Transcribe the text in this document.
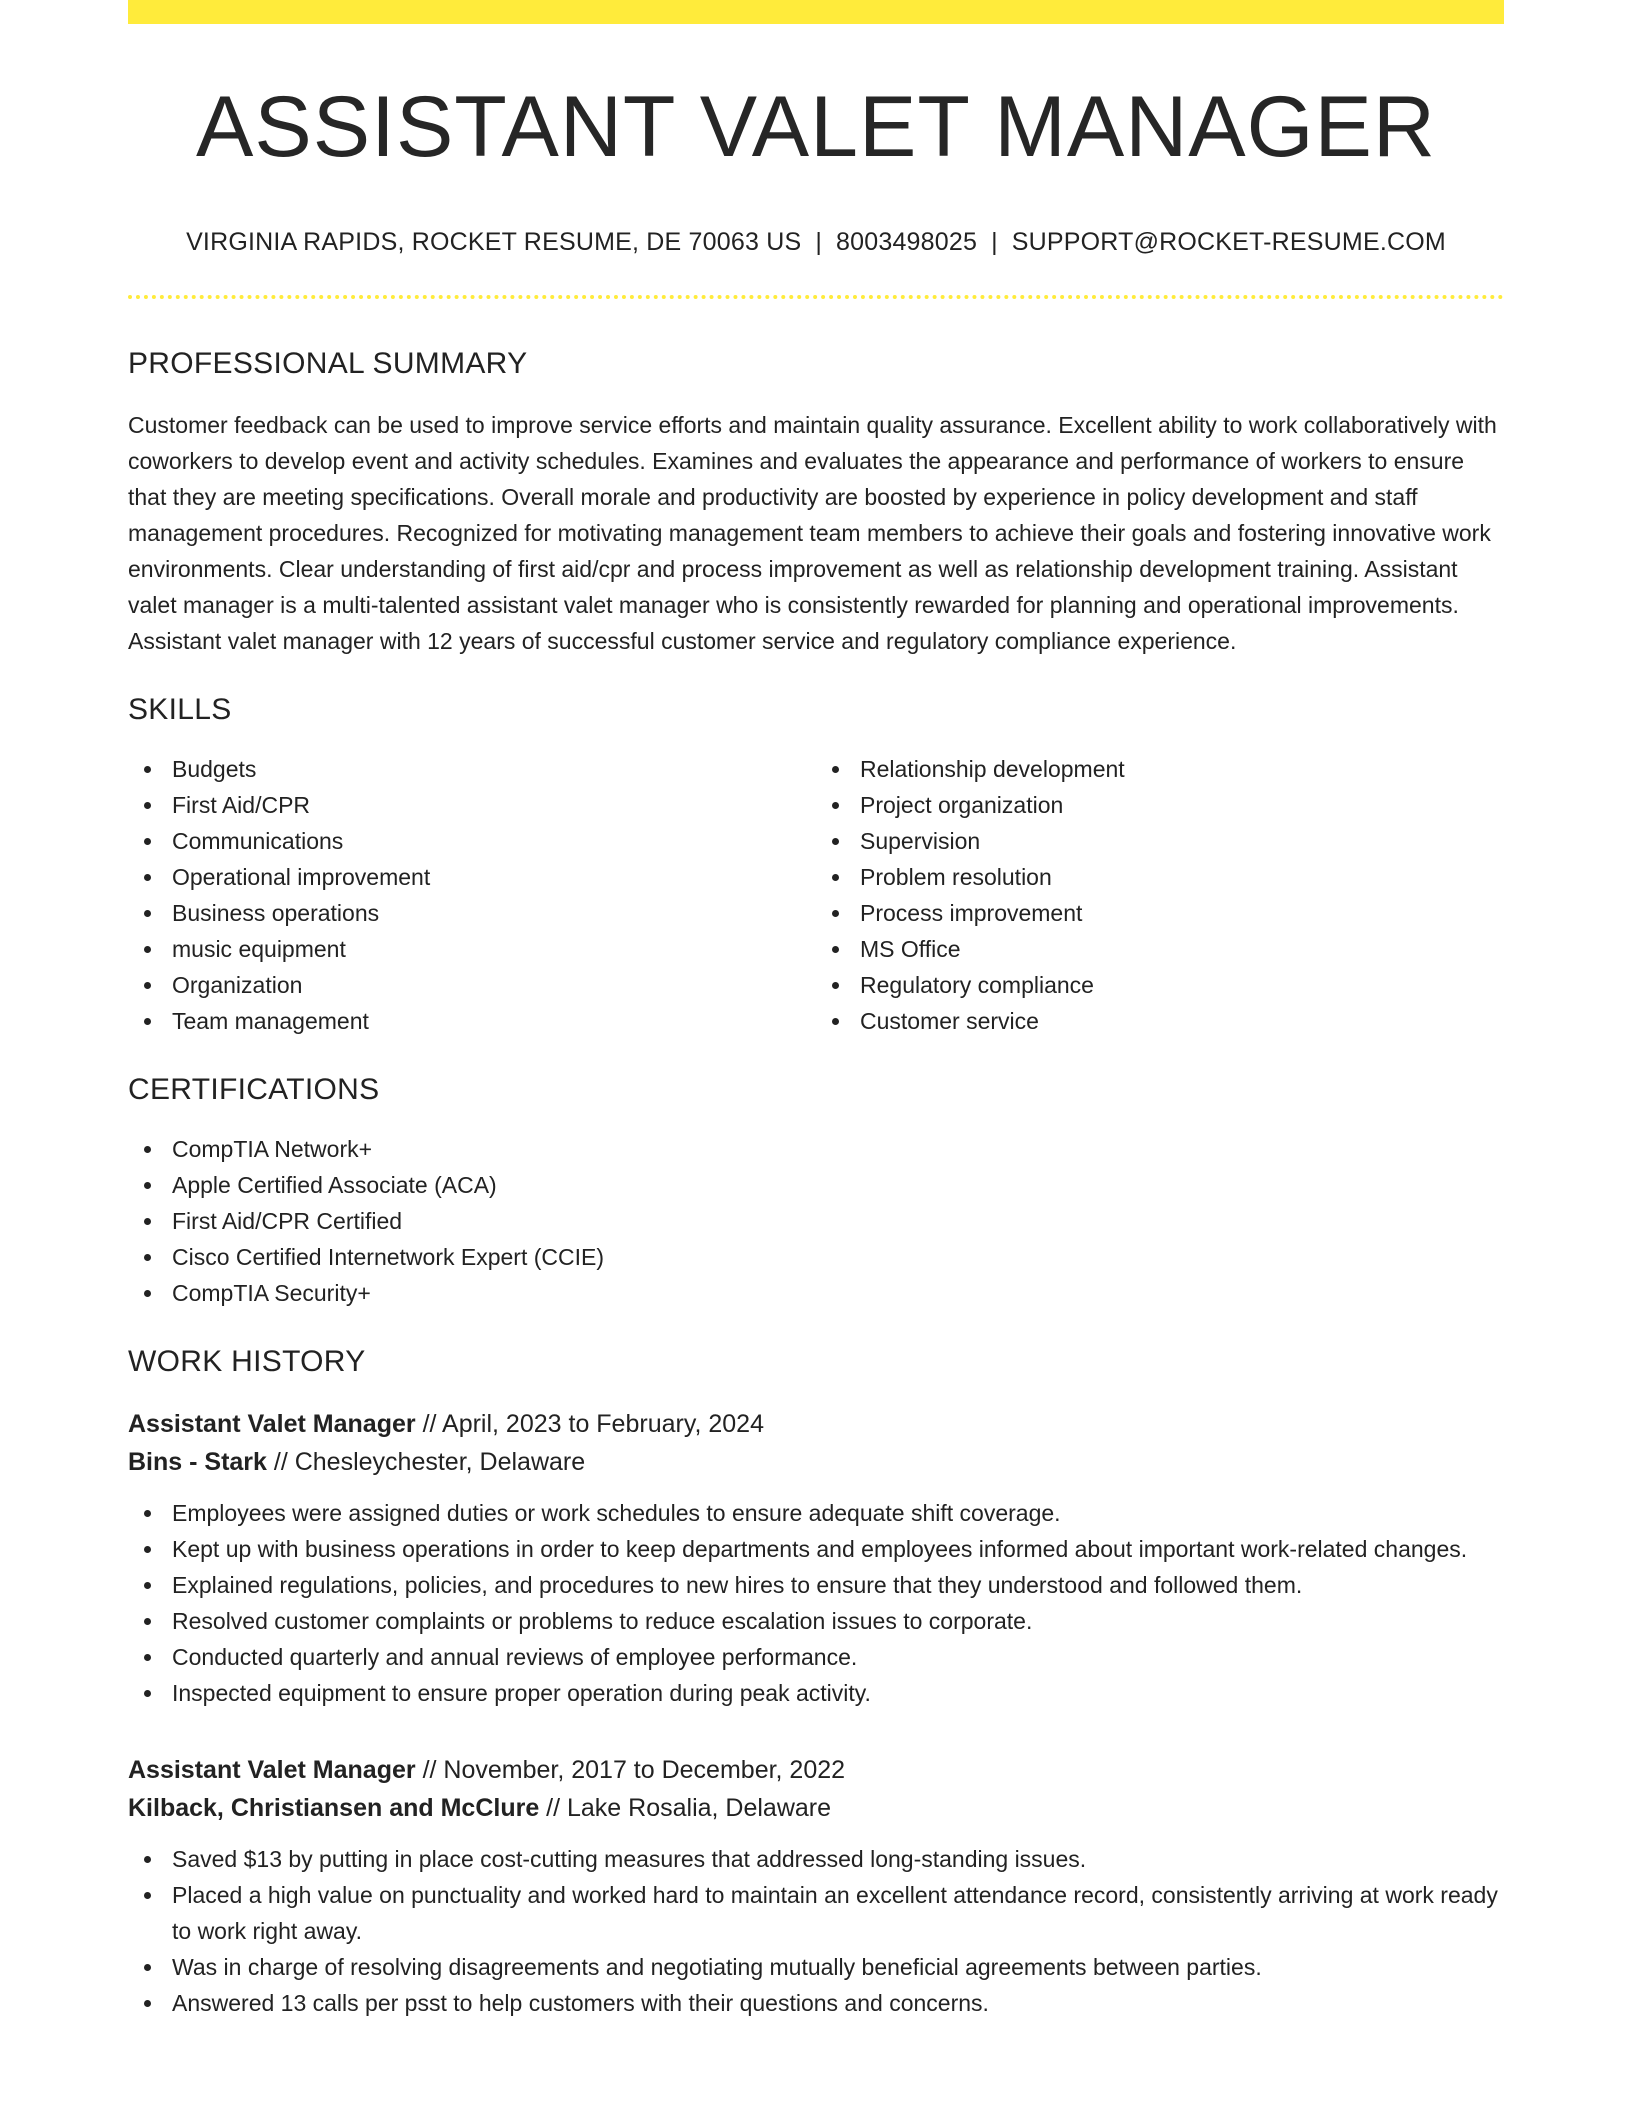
ASSISTANT VALET MANAGER
VIRGINIA RAPIDS, ROCKET RESUME, DE 70063 US | 8003498025 | SUPPORT@ROCKET-RESUME.COM
PROFESSIONAL SUMMARY

Customer feedback can be used to improve service efforts and maintain quality assurance. Excellent ability to work collaboratively with coworkers to develop event and activity schedules. Examines and evaluates the appearance and performance of workers to ensure that they are meeting specifications. Overall morale and productivity are boosted by experience in policy development and staff management procedures. Recognized for motivating management team members to achieve their goals and fostering innovative work environments. Clear understanding of first aid/cpr and process improvement as well as relationship development training. Assistant valet manager is a multi-talented assistant valet manager who is consistently rewarded for planning and operational improvements. Assistant valet manager with 12 years of successful customer service and regulatory compliance experience.

SKILLS
Budgets
First Aid/CPR
Communications
Operational improvement
Business operations
music equipment
Organization
Team management
Relationship development
Project organization
Supervision
Problem resolution
Process improvement
MS Office
Regulatory compliance
Customer service
CERTIFICATIONS
CompTIA Network+
Apple Certified Associate (ACA)
First Aid/CPR Certified
Cisco Certified Internetwork Expert (CCIE)
CompTIA Security+
WORK HISTORY
Assistant Valet Manager // April, 2023 to February, 2024
Bins - Stark // Chesleychester, Delaware
Employees were assigned duties or work schedules to ensure adequate shift coverage.
Kept up with business operations in order to keep departments and employees informed about important work-related changes.
Explained regulations, policies, and procedures to new hires to ensure that they understood and followed them.
Resolved customer complaints or problems to reduce escalation issues to corporate.
Conducted quarterly and annual reviews of employee performance.
Inspected equipment to ensure proper operation during peak activity.
Assistant Valet Manager // November, 2017 to December, 2022
Kilback, Christiansen and McClure // Lake Rosalia, Delaware
Saved $13 by putting in place cost-cutting measures that addressed long-standing issues.
Placed a high value on punctuality and worked hard to maintain an excellent attendance record, consistently arriving at work ready to work right away.
Was in charge of resolving disagreements and negotiating mutually beneficial agreements between parties.
Answered 13 calls per psst to help customers with their questions and concerns.
